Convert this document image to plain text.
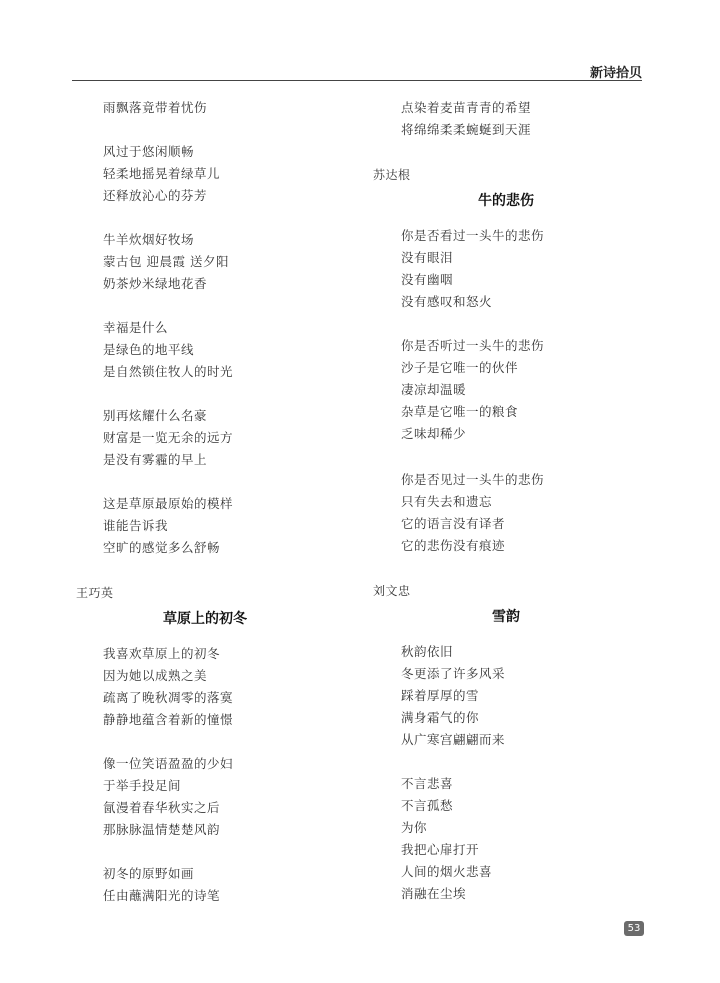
新诗拾贝
雨飘落竟带着忧伤
风过于悠闲顺畅
轻柔地摇晃着绿草儿
还释放沁心的芬芳
牛羊炊烟好牧场
蒙古包 迎晨霞 送夕阳
奶茶炒米绿地花香
幸福是什么
是绿色的地平线
是自然锁住牧人的时光
别再炫耀什么名豪
财富是一览无余的远方
是没有雾霾的早上
这是草原最原始的模样
谁能告诉我
空旷的感觉多么舒畅
王巧英
草原上的初冬
我喜欢草原上的初冬
因为她以成熟之美
疏离了晚秋凋零的落寞
静静地蕴含着新的憧憬
像一位笑语盈盈的少妇
于举手投足间
氤漫着春华秋实之后
那脉脉温情楚楚风韵
初冬的原野如画
任由蘸满阳光的诗笔
点染着麦苗青青的希望
将绵绵柔柔蜿蜒到天涯
苏达根
牛的悲伤
你是否看过一头牛的悲伤
没有眼泪
没有幽咽
没有感叹和怒火
你是否听过一头牛的悲伤
沙子是它唯一的伙伴
凄凉却温暖
杂草是它唯一的粮食
乏味却稀少
你是否见过一头牛的悲伤
只有失去和遗忘
它的语言没有译者
它的悲伤没有痕迹
刘文忠
雪韵
秋韵依旧
冬更添了许多风采
踩着厚厚的雪
满身霜气的你
从广寒宫翩翩而来
不言悲喜
不言孤愁
为你
我把心扉打开
人间的烟火悲喜
消融在尘埃
53
